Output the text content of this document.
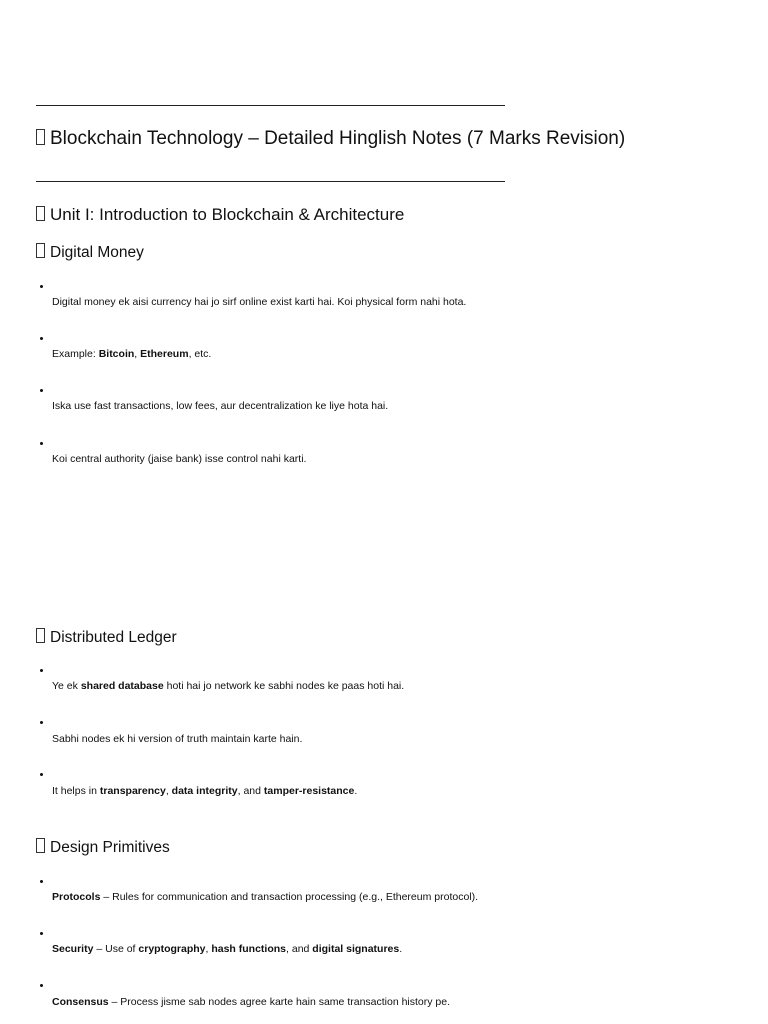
Blockchain Technology – Detailed Hinglish Notes (7 Marks Revision)
Unit I: Introduction to Blockchain & Architecture
Digital Money
Digital money ek aisi currency hai jo sirf online exist karti hai. Koi physical form nahi hota.
Example: Bitcoin, Ethereum, etc.
Iska use fast transactions, low fees, aur decentralization ke liye hota hai.
Koi central authority (jaise bank) isse control nahi karti.
Distributed Ledger
Ye ek shared database hoti hai jo network ke sabhi nodes ke paas hoti hai.
Sabhi nodes ek hi version of truth maintain karte hain.
It helps in transparency, data integrity, and tamper-resistance.
Design Primitives
Protocols – Rules for communication and transaction processing (e.g., Ethereum protocol).
Security – Use of cryptography, hash functions, and digital signatures.
Consensus – Process jisme sab nodes agree karte hain same transaction history pe.
